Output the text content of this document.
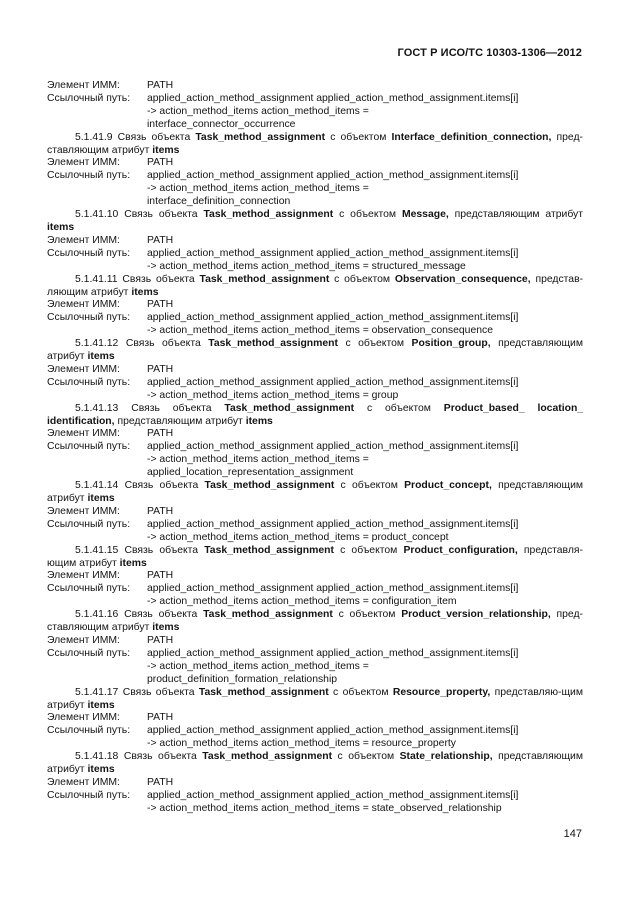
ГОСТ Р ИСО/ТС 10303-1306—2012
Элемент ИММ:	PATH
Ссылочный путь:	applied_action_method_assignment applied_action_method_assignment.items[i]
-> action_method_items action_method_items =
interface_connector_occurrence
5.1.41.9 Связь объекта Task_method_assignment с объектом Interface_definition_connection, пред-ставляющим атрибут items
Элемент ИММ:	PATH
Ссылочный путь:	applied_action_method_assignment applied_action_method_assignment.items[i]
-> action_method_items action_method_items =
interface_definition_connection
5.1.41.10 Связь объекта Task_method_assignment с объектом Message, представляющим атрибут items
Элемент ИММ:	PATH
Ссылочный путь:	applied_action_method_assignment applied_action_method_assignment.items[i]
-> action_method_items action_method_items = structured_message
5.1.41.11 Связь объекта Task_method_assignment с объектом Observation_consequence, представ-ляющим атрибут items
Элемент ИММ:	PATH
Ссылочный путь:	applied_action_method_assignment applied_action_method_assignment.items[i]
-> action_method_items action_method_items = observation_consequence
5.1.41.12 Связь объекта Task_method_assignment с объектом Position_group, представляющим атрибут items
Элемент ИММ:	PATH
Ссылочный путь:	applied_action_method_assignment applied_action_method_assignment.items[i]
-> action_method_items action_method_items = group
5.1.41.13 Связь объекта Task_method_assignment с объектом Product_based_ location_ identification, представляющим атрибут items
Элемент ИММ:	PATH
Ссылочный путь:	applied_action_method_assignment applied_action_method_assignment.items[i]
-> action_method_items action_method_items =
applied_location_representation_assignment
5.1.41.14 Связь объекта Task_method_assignment с объектом Product_concept, представляющим атрибут items
Элемент ИММ:	PATH
Ссылочный путь:	applied_action_method_assignment applied_action_method_assignment.items[i]
-> action_method_items action_method_items = product_concept
5.1.41.15 Связь объекта Task_method_assignment с объектом Product_configuration, представля-ющим атрибут items
Элемент ИММ:	PATH
Ссылочный путь:	applied_action_method_assignment applied_action_method_assignment.items[i]
-> action_method_items action_method_items = configuration_item
5.1.41.16 Связь объекта Task_method_assignment с объектом Product_version_relationship, пред-ставляющим атрибут items
Элемент ИММ:	PATH
Ссылочный путь:	applied_action_method_assignment applied_action_method_assignment.items[i]
-> action_method_items action_method_items =
product_definition_formation_relationship
5.1.41.17 Связь объекта Task_method_assignment с объектом Resource_property, представляю-щим атрибут items
Элемент ИММ:	PATH
Ссылочный путь:	applied_action_method_assignment applied_action_method_assignment.items[i]
-> action_method_items action_method_items = resource_property
5.1.41.18 Связь объекта Task_method_assignment с объектом State_relationship, представляющим атрибут items
Элемент ИММ:	PATH
Ссылочный путь:	applied_action_method_assignment applied_action_method_assignment.items[i]
-> action_method_items action_method_items = state_observed_relationship
147
